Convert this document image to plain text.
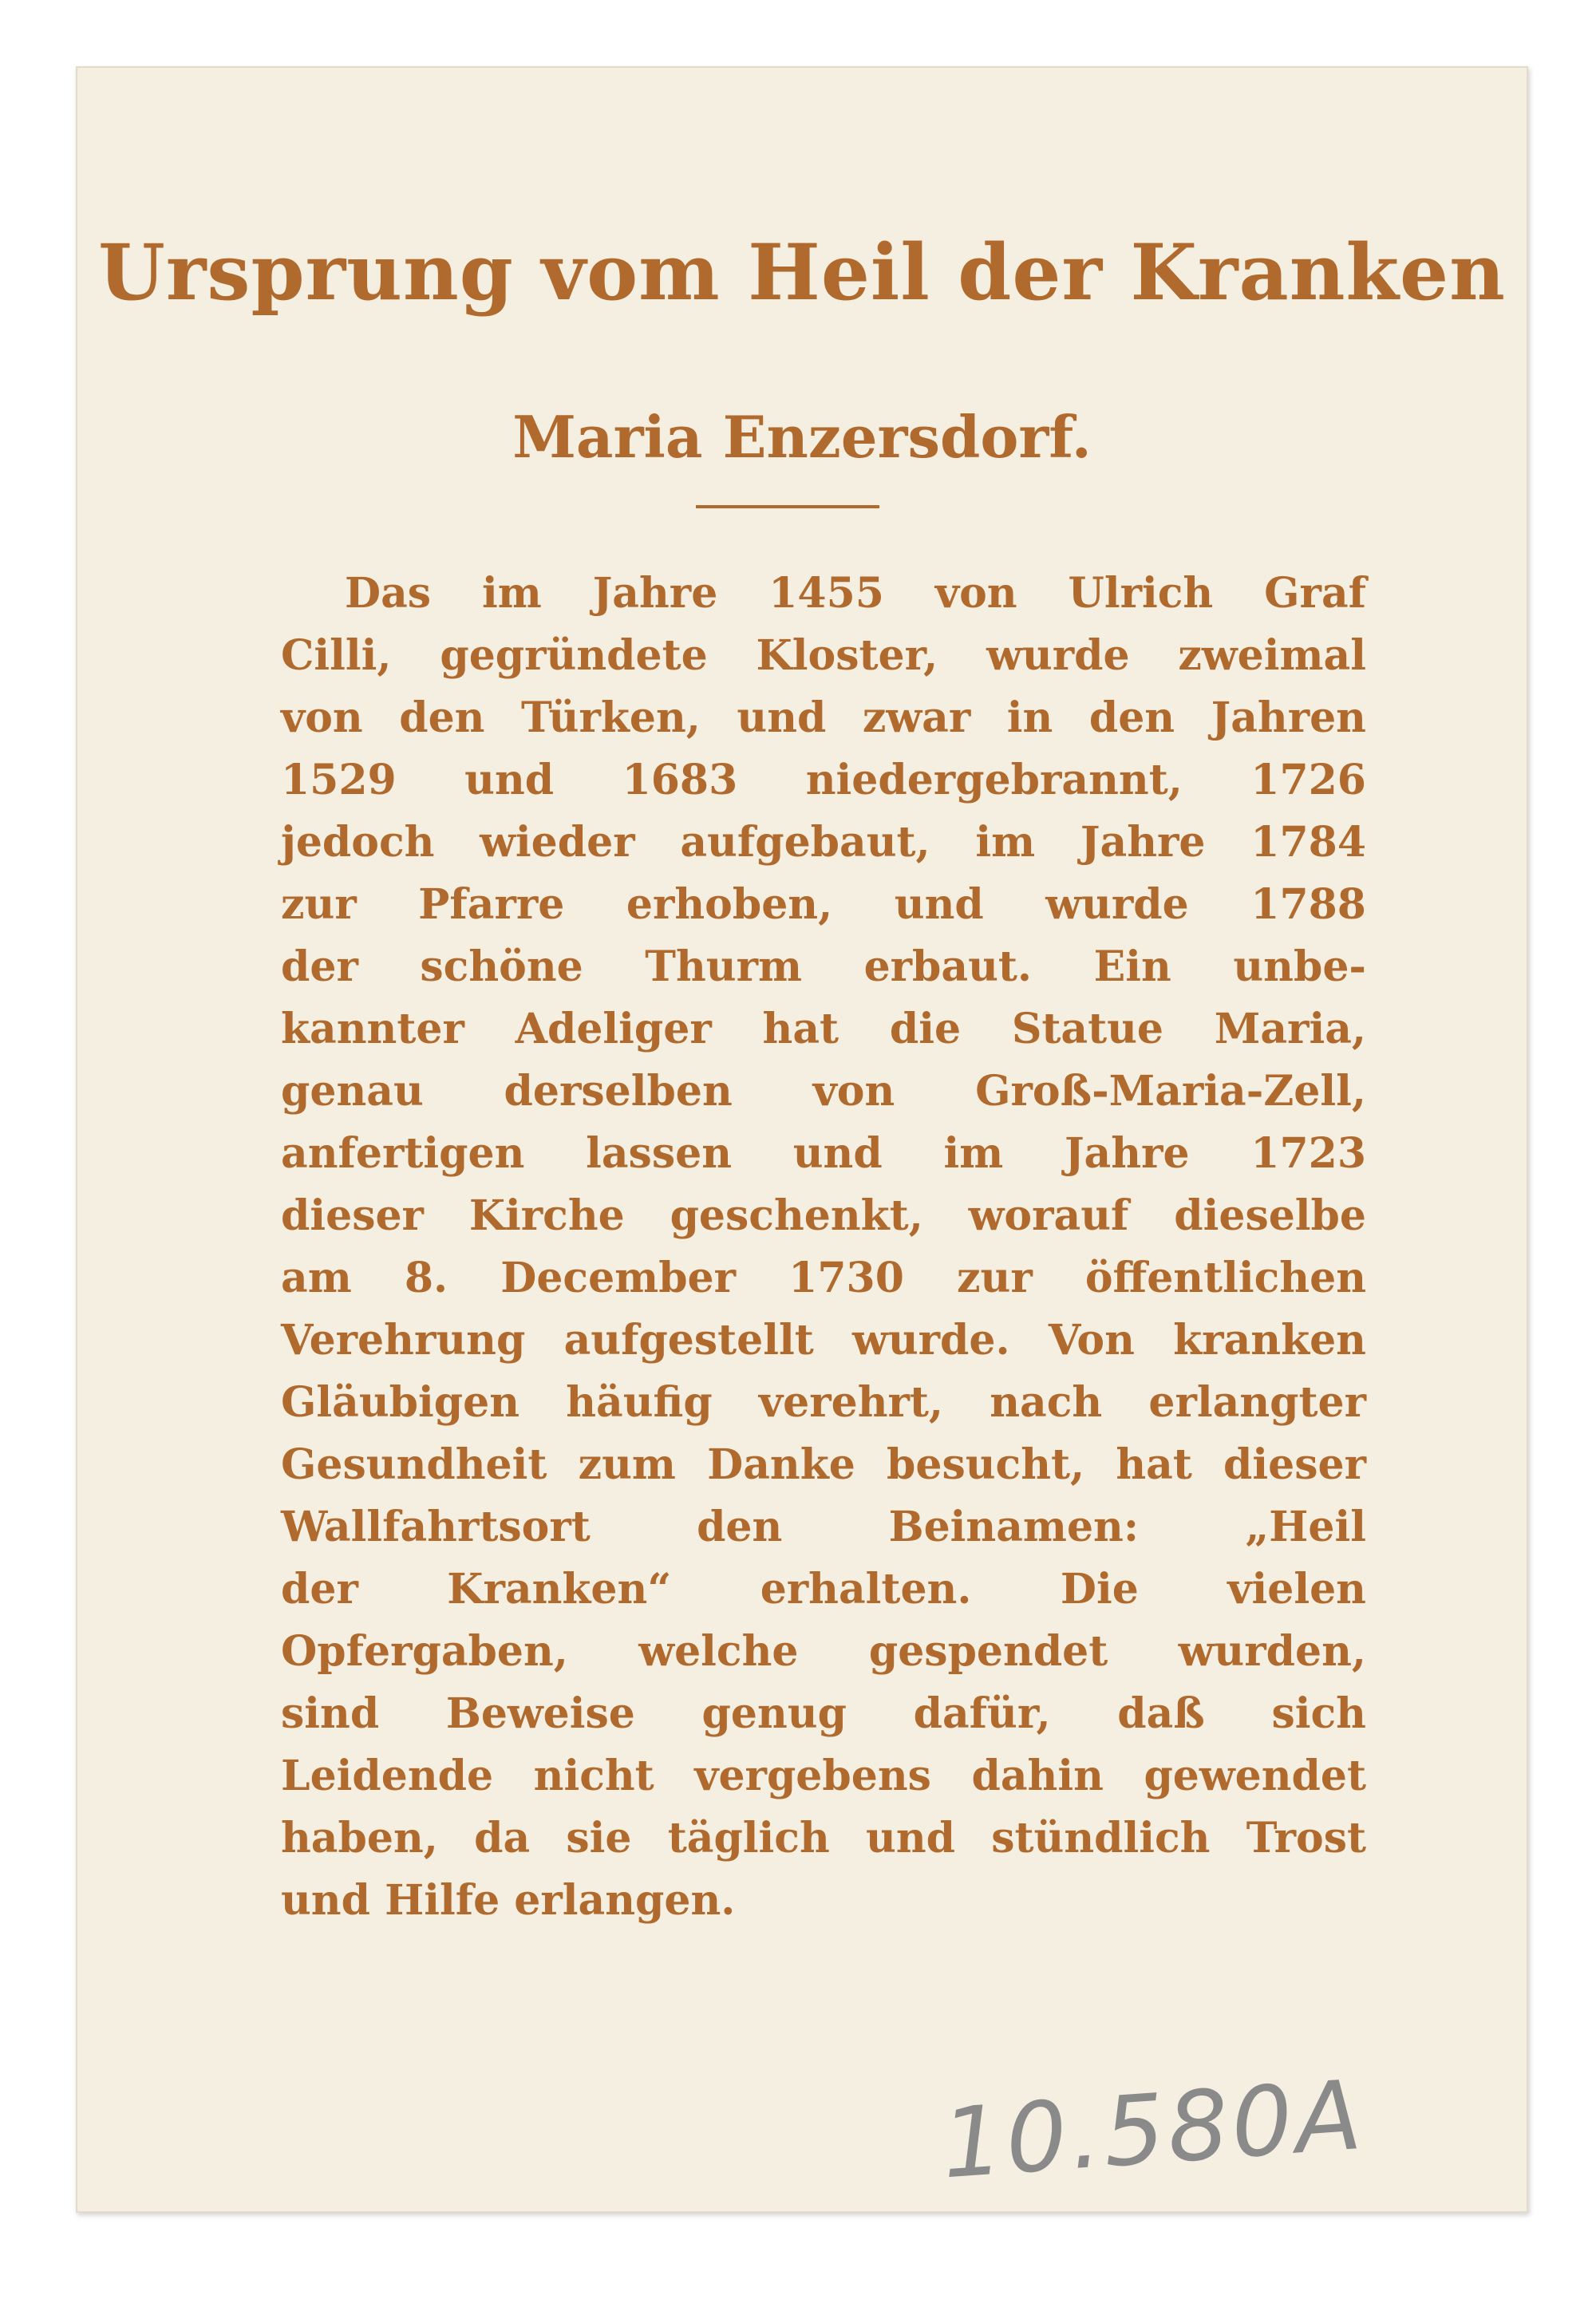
Ursprung vom Heil der Kranken
Maria Enzersdorf.
Das im Jahre 1455 von Ulrich Graf
Cilli, gegründete Kloster, wurde zweimal
von den Türken, und zwar in den Jahren
1529 und 1683 niedergebrannt, 1726
jedoch wieder aufgebaut, im Jahre 1784
zur Pfarre erhoben, und wurde 1788
der schöne Thurm erbaut. Ein unbe-
kannter Adeliger hat die Statue Maria,
genau derselben von Groß-Maria-Zell,
anfertigen lassen und im Jahre 1723
dieser Kirche geschenkt, worauf dieselbe
am 8. December 1730 zur öffentlichen
Verehrung aufgestellt wurde. Von kranken
Gläubigen häufig verehrt, nach erlangter
Gesundheit zum Danke besucht, hat dieser
Wallfahrtsort den Beinamen: „Heil
der Kranken“ erhalten. Die vielen
Opfergaben, welche gespendet wurden,
sind Beweise genug dafür, daß sich
Leidende nicht vergebens dahin gewendet
haben, da sie täglich und stündlich Trost
und Hilfe erlangen.
10.580A
